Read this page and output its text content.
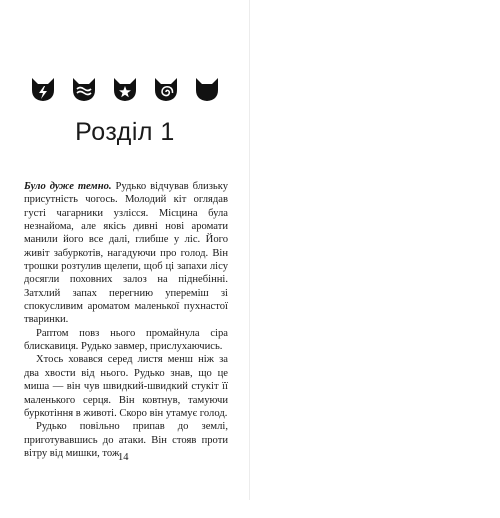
Розділ 1

Було дуже темно. Рудько відчував близьку присутність чогось. Молодий кіт оглядав густі чагарники узлісся. Місцина була незнайома, але якісь дивні нові аромати манили його все далі, глибше у ліс. Його живіт забуркотів, нагадуючи про голод. Він трошки розтулив щелепи, щоб ці запахи лісу досягли поховних залоз на піднебінні. Затхлий запах перегнию упереміш зі спокусливим ароматом маленької пухнастої тваринки.

Раптом повз нього промайнула сіра блискавиця. Рудько завмер, прислухаючись.

Хтось ховався серед листя менш ніж за два хвости від нього. Рудько знав, що це миша — він чув швидкий-швидкий стукіт її маленького серця. Він ковтнув, тамуючи буркотіння в животі. Скоро він утамує голод.

Рудько повільно припав до землі, приготувавшись до атаки. Він стояв проти вітру від мишки, тож

14
